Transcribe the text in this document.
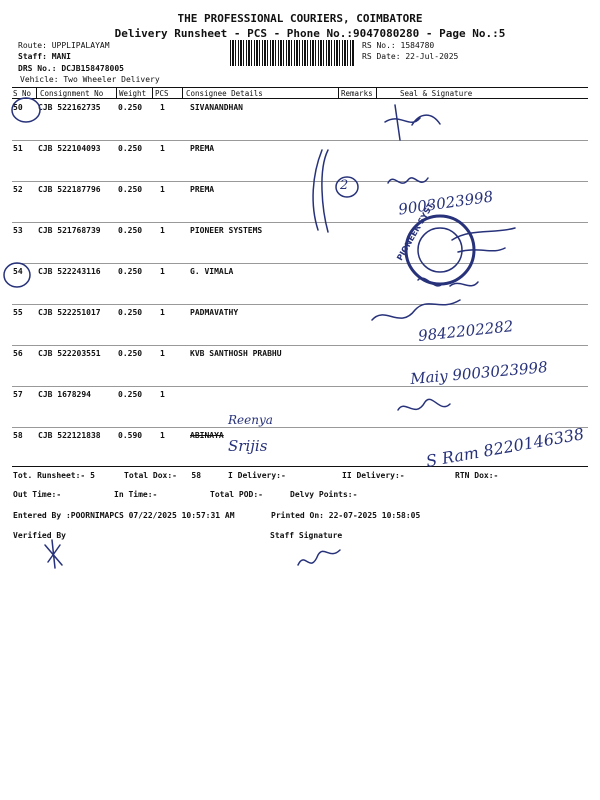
THE PROFESSIONAL COURIERS, COIMBATORE
Delivery Runsheet - PCS - Phone No.:9047080280 - Page No.:5
Route: UPPLIPALAYAM
Staff: MANI
DRS No.: DCJB158478005
Vehicle: Two Wheeler Delivery
RS No.: 1584780
RS Date: 22-Jul-2025
S No Consignment No Weight PCS Consignee Details	Remarks	Seal & Signature
50 CJB 522162735 0.250 1	SIVANANDHAN
51 CJB 522104093 0.250 1	PREMA
52 CJB 522187796 0.250 1	PREMA
53 CJB 521768739 0.250 1	PIONEER SYSTEMS
54 CJB 522243116 0.250 1	G. VIMALA
55 CJB 522251017 0.250 1	PADMAVATHY
56 CJB 522203551 0.250 1	KVB SANTHOSH PRABHU
57 CJB 1678294	0.250 1
58 CJB 522121838 0.590 1	ABINAYA
Tot. Runsheet:- 5	Total Dox:-   58	I Delivery:-	II Delivery:-	RTN Dox:-
Out Time:-	In Time:-	Total POD:-	Delvy Points:-
Entered By :POORNIMAPCS 07/22/2025 10:57:31 AM	Printed On: 22-07-2025 10:58:05
Verified By	Staff Signature
2
9003023998
9842202282
Maiy 9003023998
Reenya
Srijis	S Ram 8220146338
PIONEER SYST
